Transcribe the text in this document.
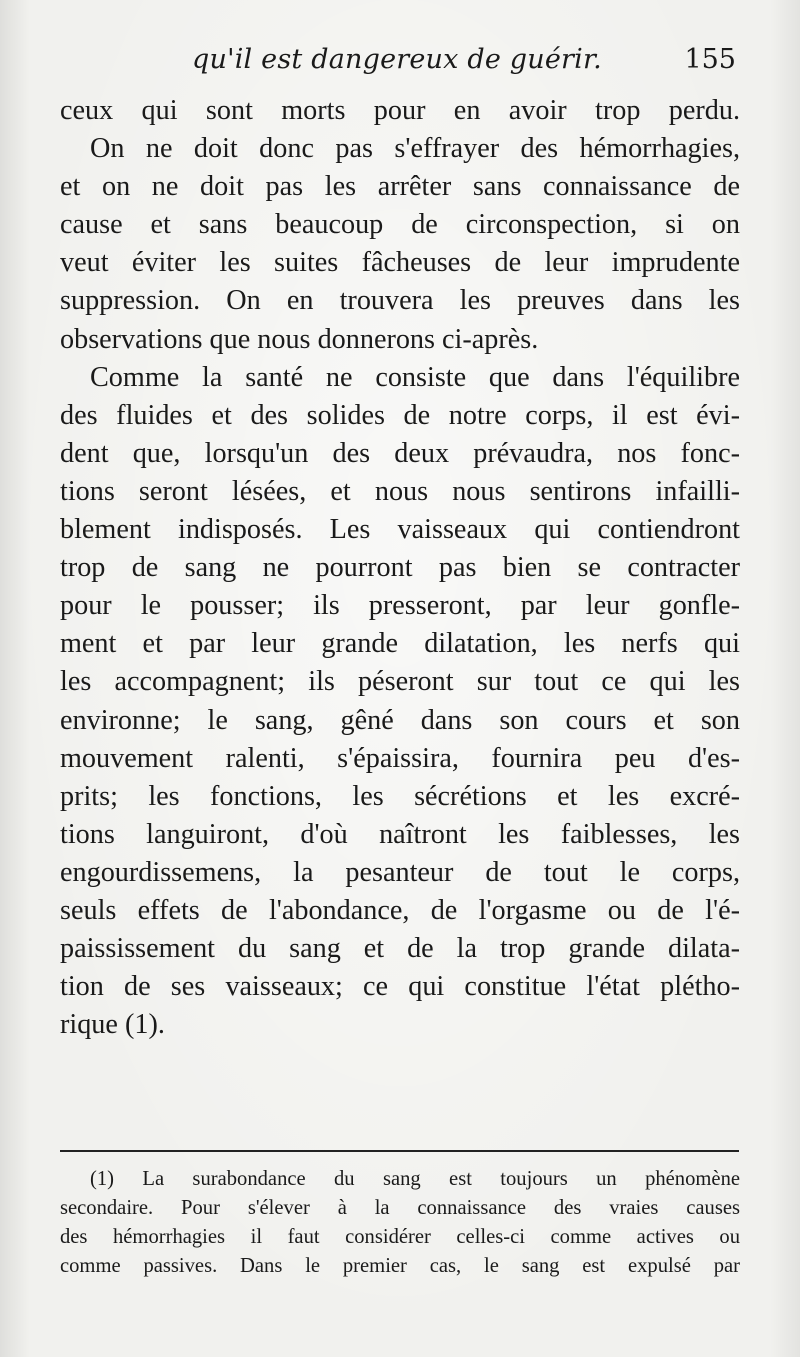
qu'il est dangereux de guérir.	155
ceux qui sont morts pour en avoir trop perdu.
On ne doit donc pas s'effrayer des hémorrhagies,
et on ne doit pas les arrêter sans connaissance de
cause et sans beaucoup de circonspection, si on
veut éviter les suites fâcheuses de leur imprudente
suppression. On en trouvera les preuves dans les
observations que nous donnerons ci-après.
Comme la santé ne consiste que dans l'équilibre
des fluides et des solides de notre corps, il est évi-
dent que, lorsqu'un des deux prévaudra, nos fonc-
tions seront lésées, et nous nous sentirons infailli-
blement indisposés. Les vaisseaux qui contiendront
trop de sang ne pourront pas bien se contracter
pour le pousser; ils presseront, par leur gonfle-
ment et par leur grande dilatation, les nerfs qui
les accompagnent; ils péseront sur tout ce qui les
environne; le sang, gêné dans son cours et son
mouvement ralenti, s'épaissira, fournira peu d'es-
prits; les fonctions, les sécrétions et les excré-
tions languiront, d'où naîtront les faiblesses, les
engourdissemens, la pesanteur de tout le corps,
seuls effets de l'abondance, de l'orgasme ou de l'é-
paississement du sang et de la trop grande dilata-
tion de ses vaisseaux; ce qui constitue l'état plétho-
rique (1).
(1) La surabondance du sang est toujours un phénomène
secondaire. Pour s'élever à la connaissance des vraies causes
des hémorrhagies il faut considérer celles-ci comme actives ou
comme passives. Dans le premier cas, le sang est expulsé par
